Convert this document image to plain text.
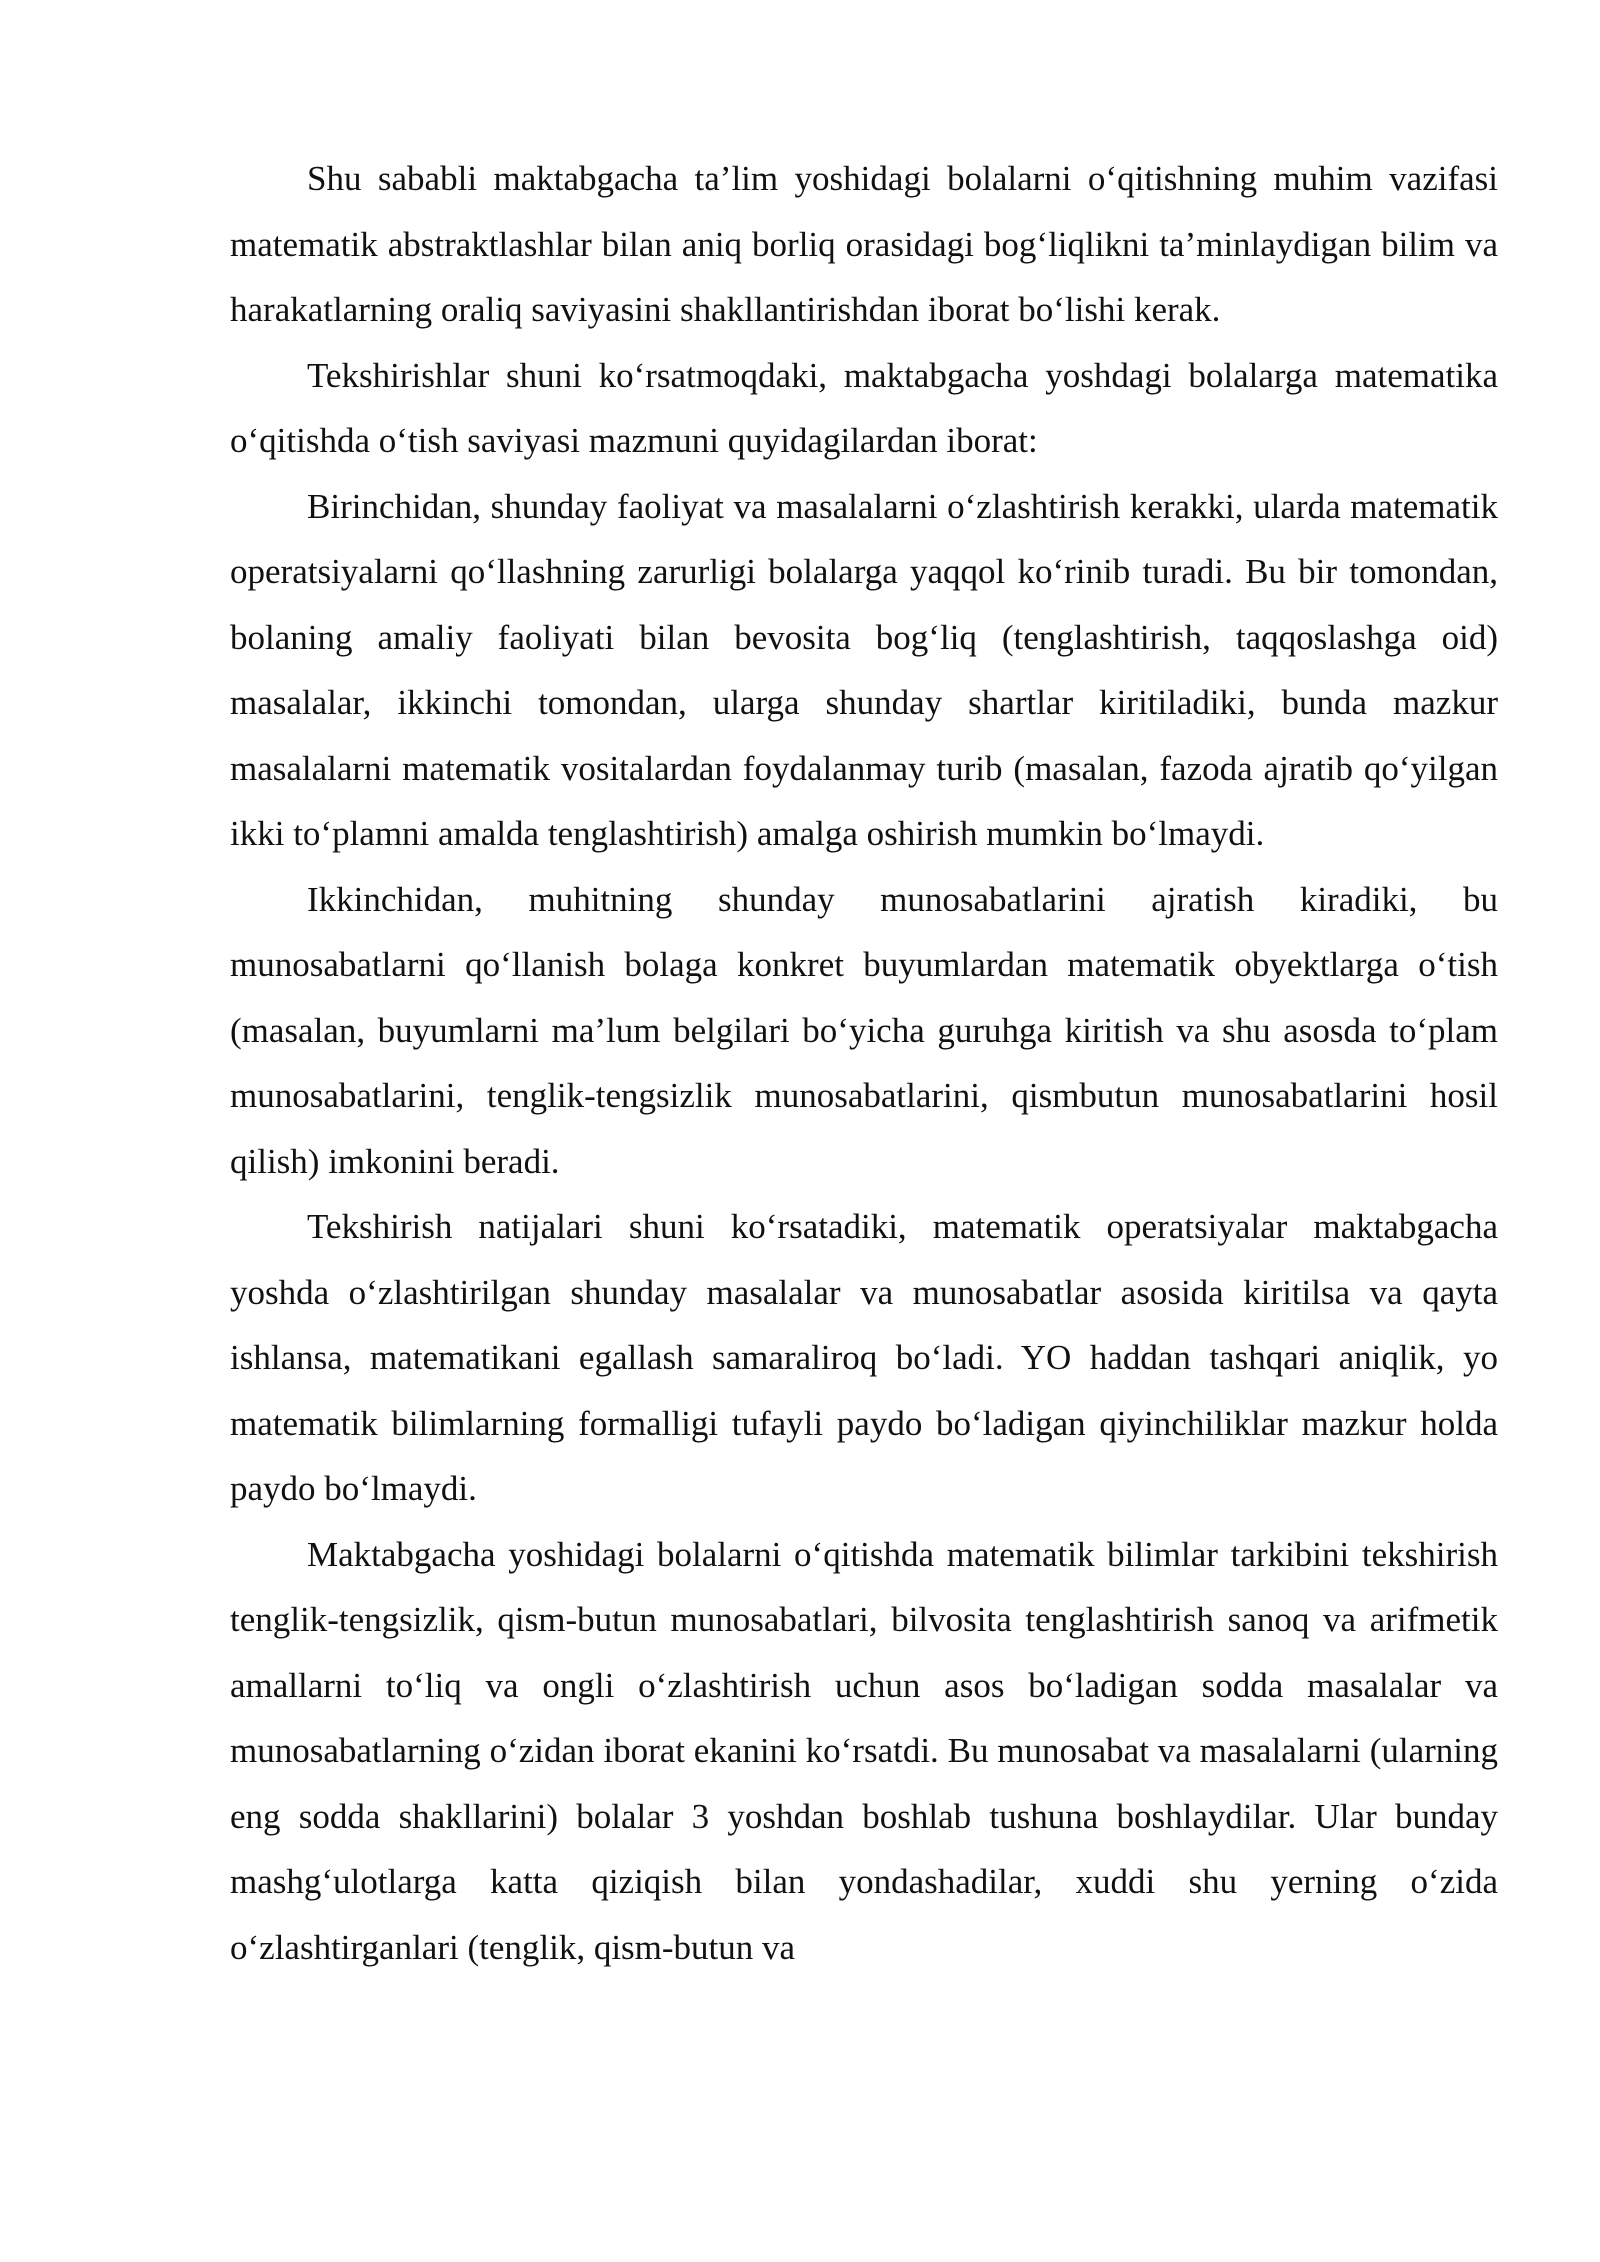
Shu sababli maktabgacha ta’lim yoshidagi bolalarni o‘qitishning muhim vazifasi matematik abstraktlashlar bilan aniq borliq orasidagi bog‘liqlikni ta’minlaydigan bilim va harakatlarning oraliq saviyasini shakllantirishdan iborat bo‘lishi kerak.

Tekshirishlar shuni ko‘rsatmoqdaki, maktabgacha yoshdagi bolalarga matematika o‘qitishda o‘tish saviyasi mazmuni quyidagilardan iborat:

Birinchidan, shunday faoliyat va masalalarni o‘zlashtirish kerakki, ularda matematik operatsiyalarni qo‘llashning zarurligi bolalarga yaqqol ko‘rinib turadi. Bu bir tomondan, bolaning amaliy faoliyati bilan bevosita bog‘liq (tenglashtirish, taqqoslashga oid) masalalar, ikkinchi tomondan, ularga shunday shartlar kiritiladiki, bunda mazkur masalalarni matematik vositalardan foydalanmay turib (masalan, fazoda ajratib qo‘yilgan ikki to‘plamni amalda tenglashtirish) amalga oshirish mumkin bo‘lmaydi.

Ikkinchidan, muhitning shunday munosabatlarini ajratish kiradiki, bu munosabatlarni qo‘llanish bolaga konkret buyumlardan matematik obyektlarga o‘tish (masalan, buyumlarni ma’lum belgilari bo‘yicha guruhga kiritish va shu asosda to‘plam munosabatlarini, tenglik-tengsizlik munosabatlarini, qismbutun munosabatlarini hosil qilish) imkonini beradi.

Tekshirish natijalari shuni ko‘rsatadiki, matematik operatsiyalar maktabgacha yoshda o‘zlashtirilgan shunday masalalar va munosabatlar asosida kiritilsa va qayta ishlansa, matematikani egallash samaraliroq bo‘ladi. YO haddan tashqari aniqlik, yo matematik bilimlarning formalligi tufayli paydo bo‘ladigan qiyinchiliklar mazkur holda paydo bo‘lmaydi.

Maktabgacha yoshidagi bolalarni o‘qitishda matematik bilimlar tarkibini tekshirish tenglik-tengsizlik, qism-butun munosabatlari, bilvosita tenglashtirish sanoq va arifmetik amallarni to‘liq va ongli o‘zlashtirish uchun asos bo‘ladigan sodda masalalar va munosabatlarning o‘zidan iborat ekanini ko‘rsatdi. Bu munosabat va masalalarni (ularning eng sodda shakllarini) bolalar 3 yoshdan boshlab tushuna boshlaydilar. Ular bunday mashg‘ulotlarga katta qiziqish bilan yondashadilar, xuddi shu yerning o‘zida o‘zlashtirganlari (tenglik, qism-butun va
